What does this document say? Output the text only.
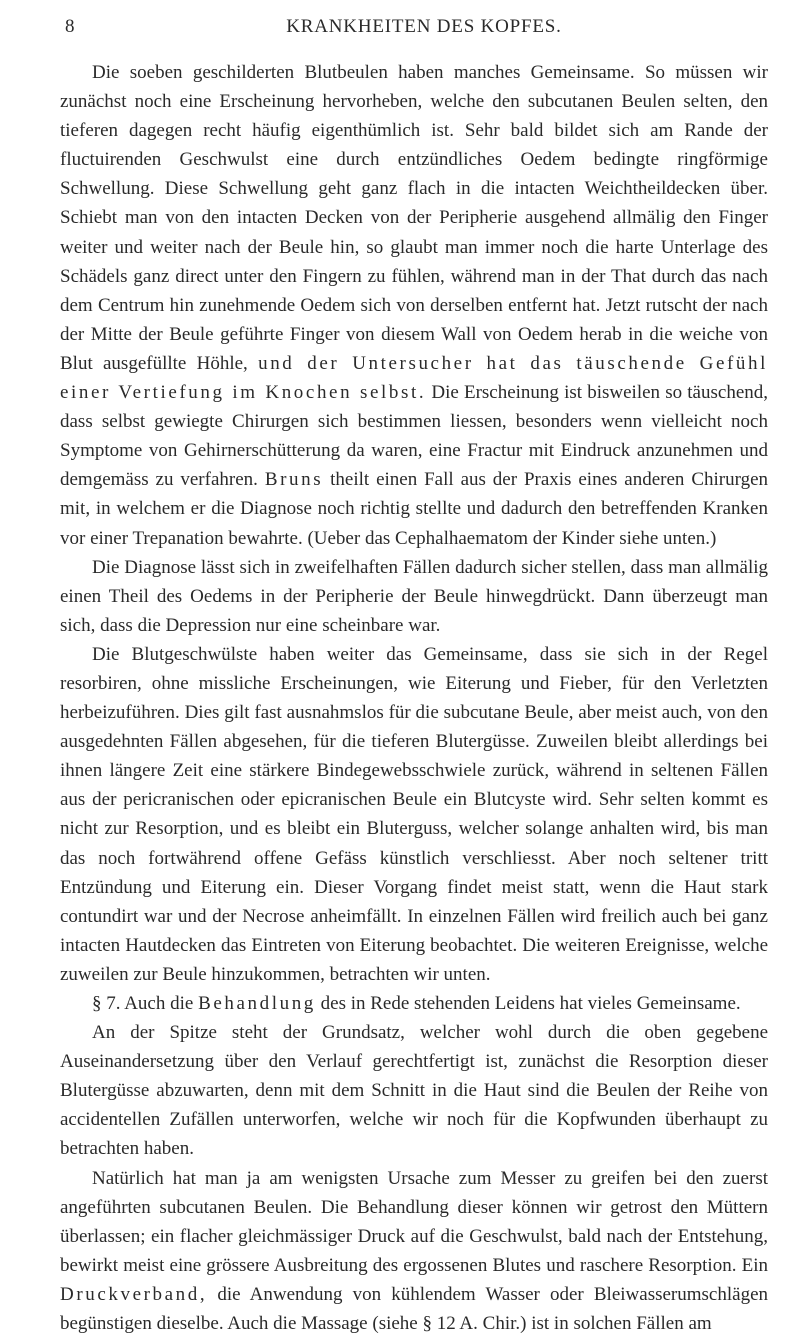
8	KRANKHEITEN DES KOPFES.

Die soeben geschilderten Blutbeulen haben manches Gemeinsame. So müssen wir zunächst noch eine Erscheinung hervorheben, welche den subcutanen Beulen selten, den tieferen dagegen recht häufig eigenthümlich ist. Sehr bald bildet sich am Rande der fluctuirenden Geschwulst eine durch entzündliches Oedem bedingte ringförmige Schwellung. Diese Schwellung geht ganz flach in die intacten Weichtheildecken über. Schiebt man von den intacten Decken von der Peripherie ausgehend allmälig den Finger weiter und weiter nach der Beule hin, so glaubt man immer noch die harte Unterlage des Schädels ganz direct unter den Fingern zu fühlen, während man in der That durch das nach dem Centrum hin zunehmende Oedem sich von derselben entfernt hat. Jetzt rutscht der nach der Mitte der Beule geführte Finger von diesem Wall von Oedem herab in die weiche von Blut ausgefüllte Höhle, und der Untersucher hat das täuschende Gefühl einer Vertiefung im Knochen selbst. Die Erscheinung ist bisweilen so täuschend, dass selbst gewiegte Chirurgen sich bestimmen liessen, besonders wenn vielleicht noch Symptome von Gehirnerschütterung da waren, eine Fractur mit Eindruck anzunehmen und demgemäss zu verfahren. Bruns theilt einen Fall aus der Praxis eines anderen Chirurgen mit, in welchem er die Diagnose noch richtig stellte und dadurch den betreffenden Kranken vor einer Trepanation bewahrte. (Ueber das Cephalhaematom der Kinder siehe unten.)

Die Diagnose lässt sich in zweifelhaften Fällen dadurch sicher stellen, dass man allmälig einen Theil des Oedems in der Peripherie der Beule hinwegdrückt. Dann überzeugt man sich, dass die Depression nur eine scheinbare war.

Die Blutgeschwülste haben weiter das Gemeinsame, dass sie sich in der Regel resorbiren, ohne missliche Erscheinungen, wie Eiterung und Fieber, für den Verletzten herbeizuführen. Dies gilt fast ausnahmslos für die subcutane Beule, aber meist auch, von den ausgedehnten Fällen abgesehen, für die tieferen Blutergüsse. Zuweilen bleibt allerdings bei ihnen längere Zeit eine stärkere Bindegewebsschwiele zurück, während in seltenen Fällen aus der pericranischen oder epicranischen Beule ein Blutcyste wird. Sehr selten kommt es nicht zur Resorption, und es bleibt ein Bluterguss, welcher solange anhalten wird, bis man das noch fortwährend offene Gefäss künstlich verschliesst. Aber noch seltener tritt Entzündung und Eiterung ein. Dieser Vorgang findet meist statt, wenn die Haut stark contundirt war und der Necrose anheimfällt. In einzelnen Fällen wird freilich auch bei ganz intacten Hautdecken das Eintreten von Eiterung beobachtet. Die weiteren Ereignisse, welche zuweilen zur Beule hinzukommen, betrachten wir unten.

§ 7. Auch die Behandlung des in Rede stehenden Leidens hat vieles Gemeinsame.

An der Spitze steht der Grundsatz, welcher wohl durch die oben gegebene Auseinandersetzung über den Verlauf gerechtfertigt ist, zunächst die Resorption dieser Blutergüsse abzuwarten, denn mit dem Schnitt in die Haut sind die Beulen der Reihe von accidentellen Zufällen unterworfen, welche wir noch für die Kopfwunden überhaupt zu betrachten haben.

Natürlich hat man ja am wenigsten Ursache zum Messer zu greifen bei den zuerst angeführten subcutanen Beulen. Die Behandlung dieser können wir getrost den Müttern überlassen; ein flacher gleichmässiger Druck auf die Geschwulst, bald nach der Entstehung, bewirkt meist eine grössere Ausbreitung des ergossenen Blutes und raschere Resorption. Ein Druckverband, die Anwendung von kühlendem Wasser oder Bleiwasserumschlägen begünstigen dieselbe. Auch die Massage (siehe § 12 A. Chir.) ist in solchen Fällen am
